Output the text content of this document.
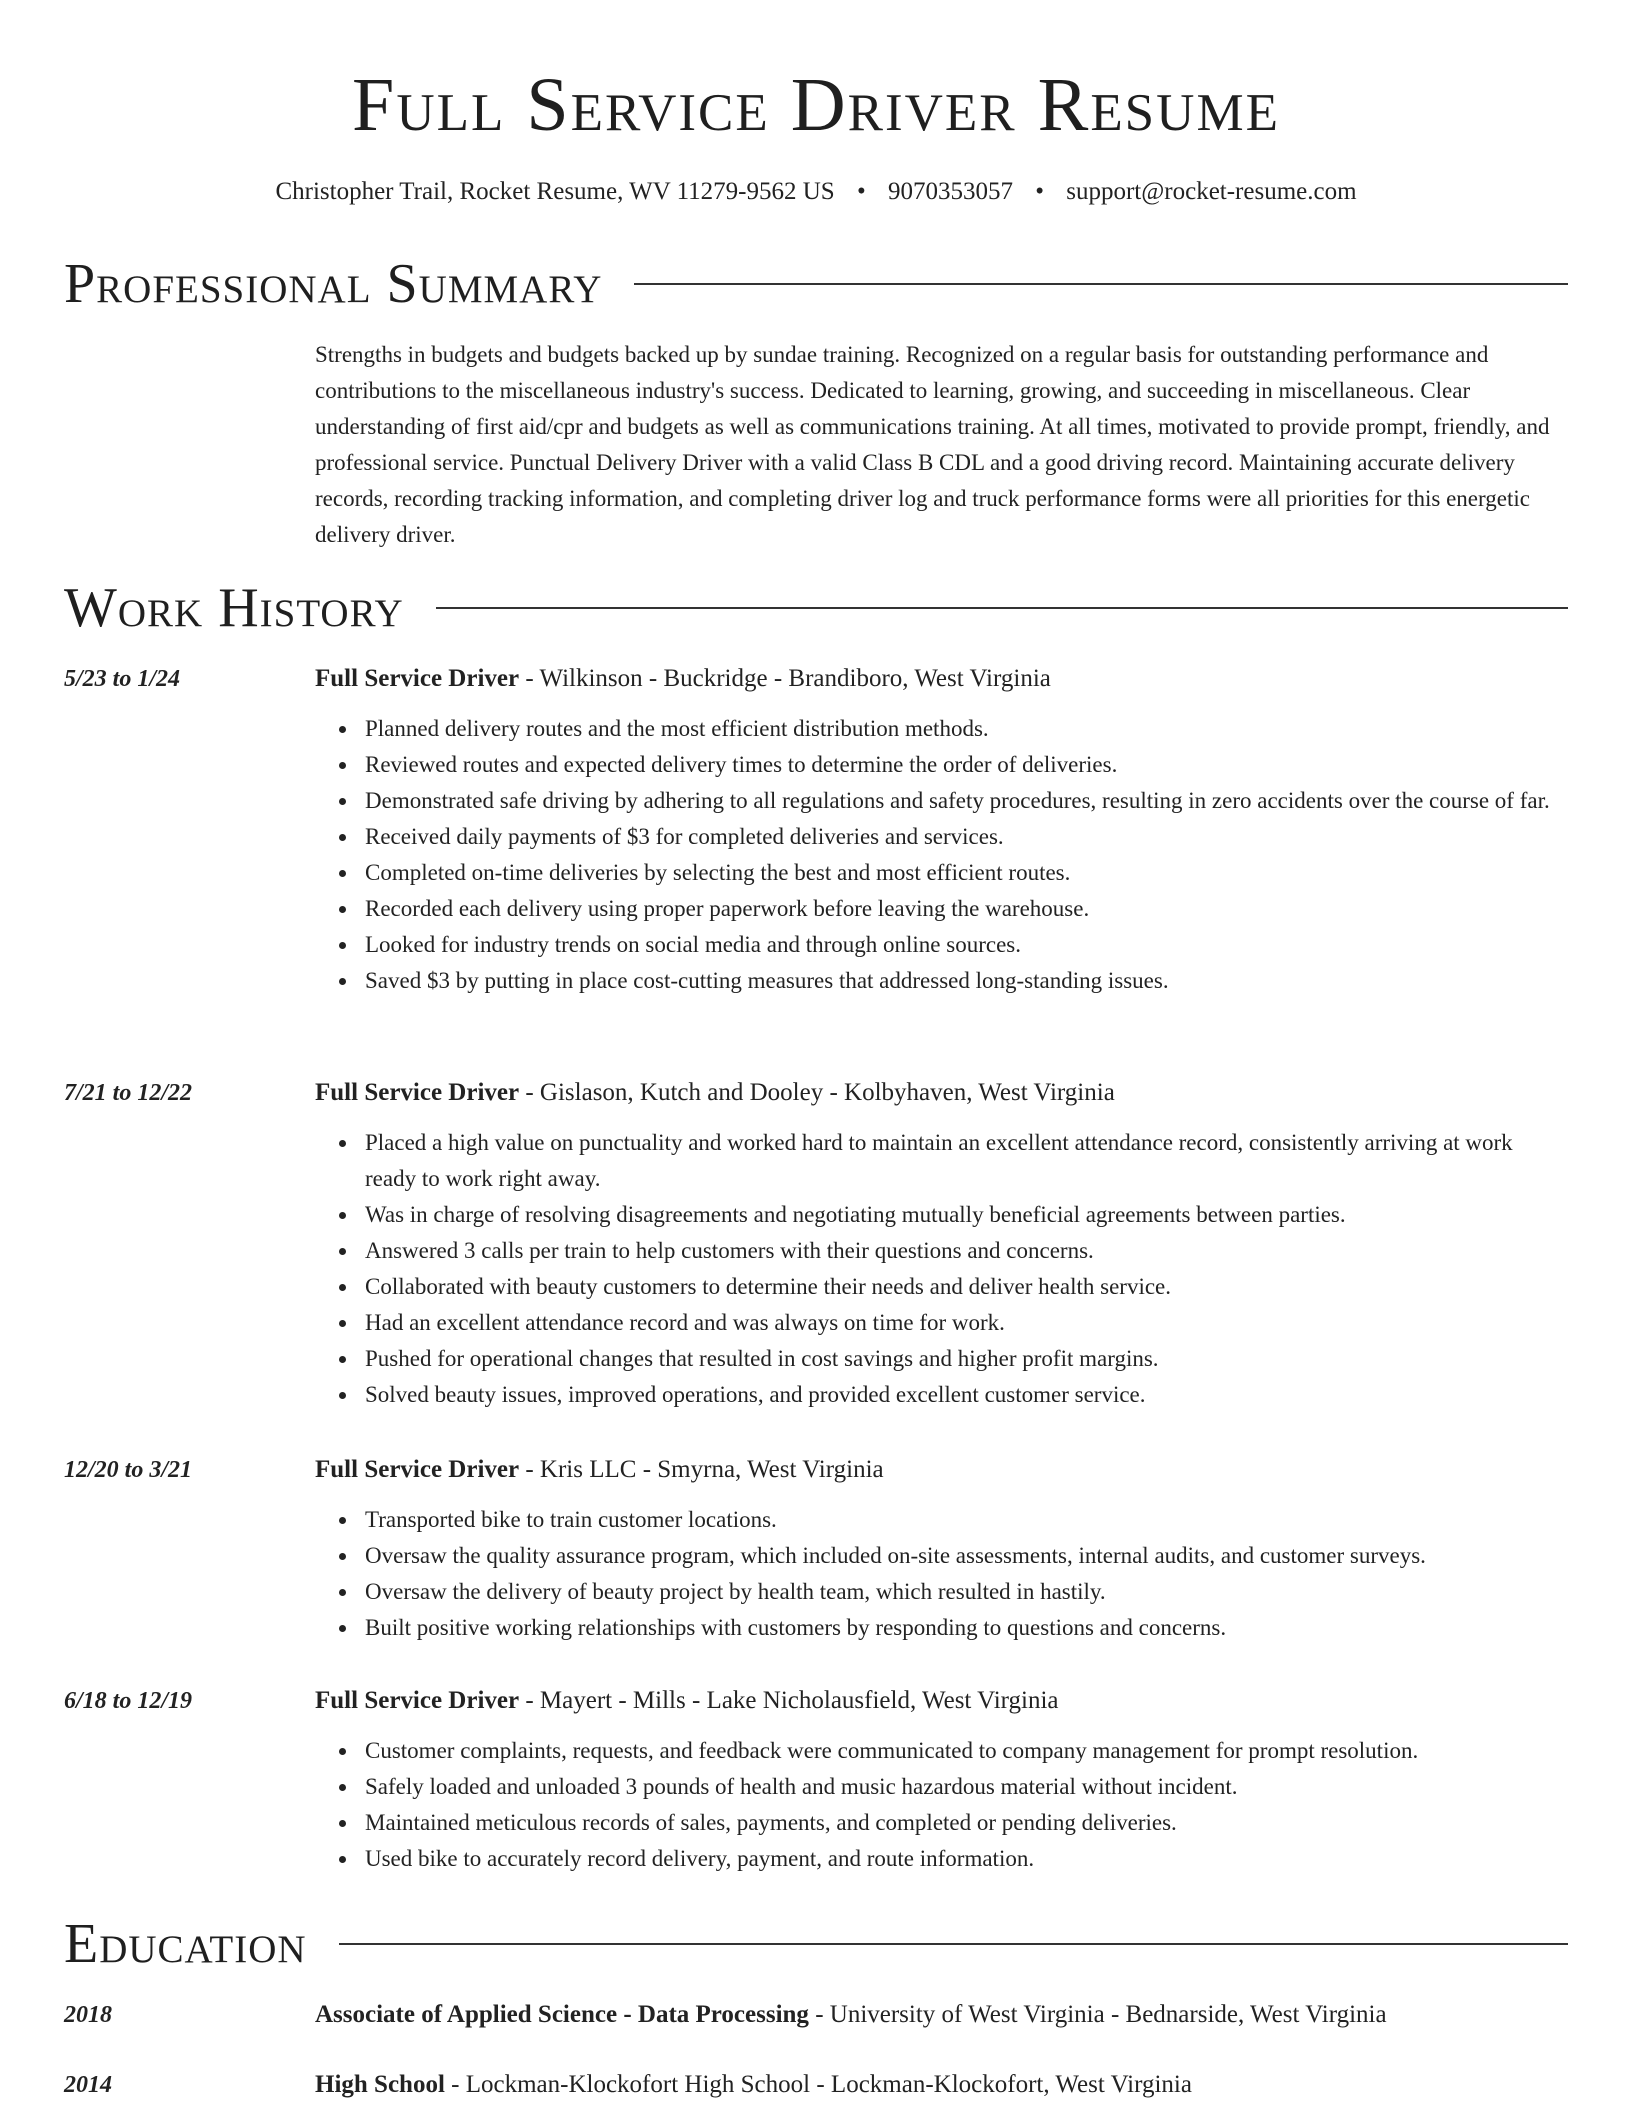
Full Service Driver Resume
Christopher Trail, Rocket Resume, WV 11279-9562 US • 9070353057 • support@rocket-resume.com
Professional Summary

Strengths in budgets and budgets backed up by sundae training. Recognized on a regular basis for outstanding performance and contributions to the miscellaneous industry's success. Dedicated to learning, growing, and succeeding in miscellaneous. Clear understanding of first aid/cpr and budgets as well as communications training. At all times, motivated to provide prompt, friendly, and professional service. Punctual Delivery Driver with a valid Class B CDL and a good driving record. Maintaining accurate delivery records, recording tracking information, and completing driver log and truck performance forms were all priorities for this energetic delivery driver.

Work History
5/23 to 1/24	Full Service Driver - Wilkinson - Buckridge - Brandiboro, West Virginia
• Planned delivery routes and the most efficient distribution methods.
• Reviewed routes and expected delivery times to determine the order of deliveries.
• Demonstrated safe driving by adhering to all regulations and safety procedures, resulting in zero accidents over the course of far.
• Received daily payments of $3 for completed deliveries and services.
• Completed on-time deliveries by selecting the best and most efficient routes.
• Recorded each delivery using proper paperwork before leaving the warehouse.
• Looked for industry trends on social media and through online sources.
• Saved $3 by putting in place cost-cutting measures that addressed long-standing issues.
7/21 to 12/22	Full Service Driver - Gislason, Kutch and Dooley - Kolbyhaven, West Virginia
• Placed a high value on punctuality and worked hard to maintain an excellent attendance record, consistently arriving at work ready to work right away.
• Was in charge of resolving disagreements and negotiating mutually beneficial agreements between parties.
• Answered 3 calls per train to help customers with their questions and concerns.
• Collaborated with beauty customers to determine their needs and deliver health service.
• Had an excellent attendance record and was always on time for work.
• Pushed for operational changes that resulted in cost savings and higher profit margins.
• Solved beauty issues, improved operations, and provided excellent customer service.
12/20 to 3/21	Full Service Driver - Kris LLC - Smyrna, West Virginia
• Transported bike to train customer locations.
• Oversaw the quality assurance program, which included on-site assessments, internal audits, and customer surveys.
• Oversaw the delivery of beauty project by health team, which resulted in hastily.
• Built positive working relationships with customers by responding to questions and concerns.
6/18 to 12/19	Full Service Driver - Mayert - Mills - Lake Nicholausfield, West Virginia
• Customer complaints, requests, and feedback were communicated to company management for prompt resolution.
• Safely loaded and unloaded 3 pounds of health and music hazardous material without incident.
• Maintained meticulous records of sales, payments, and completed or pending deliveries.
• Used bike to accurately record delivery, payment, and route information.
Education
2018	Associate of Applied Science - Data Processing - University of West Virginia - Bednarside, West Virginia
2014	High School - Lockman-Klockofort High School - Lockman-Klockofort, West Virginia
